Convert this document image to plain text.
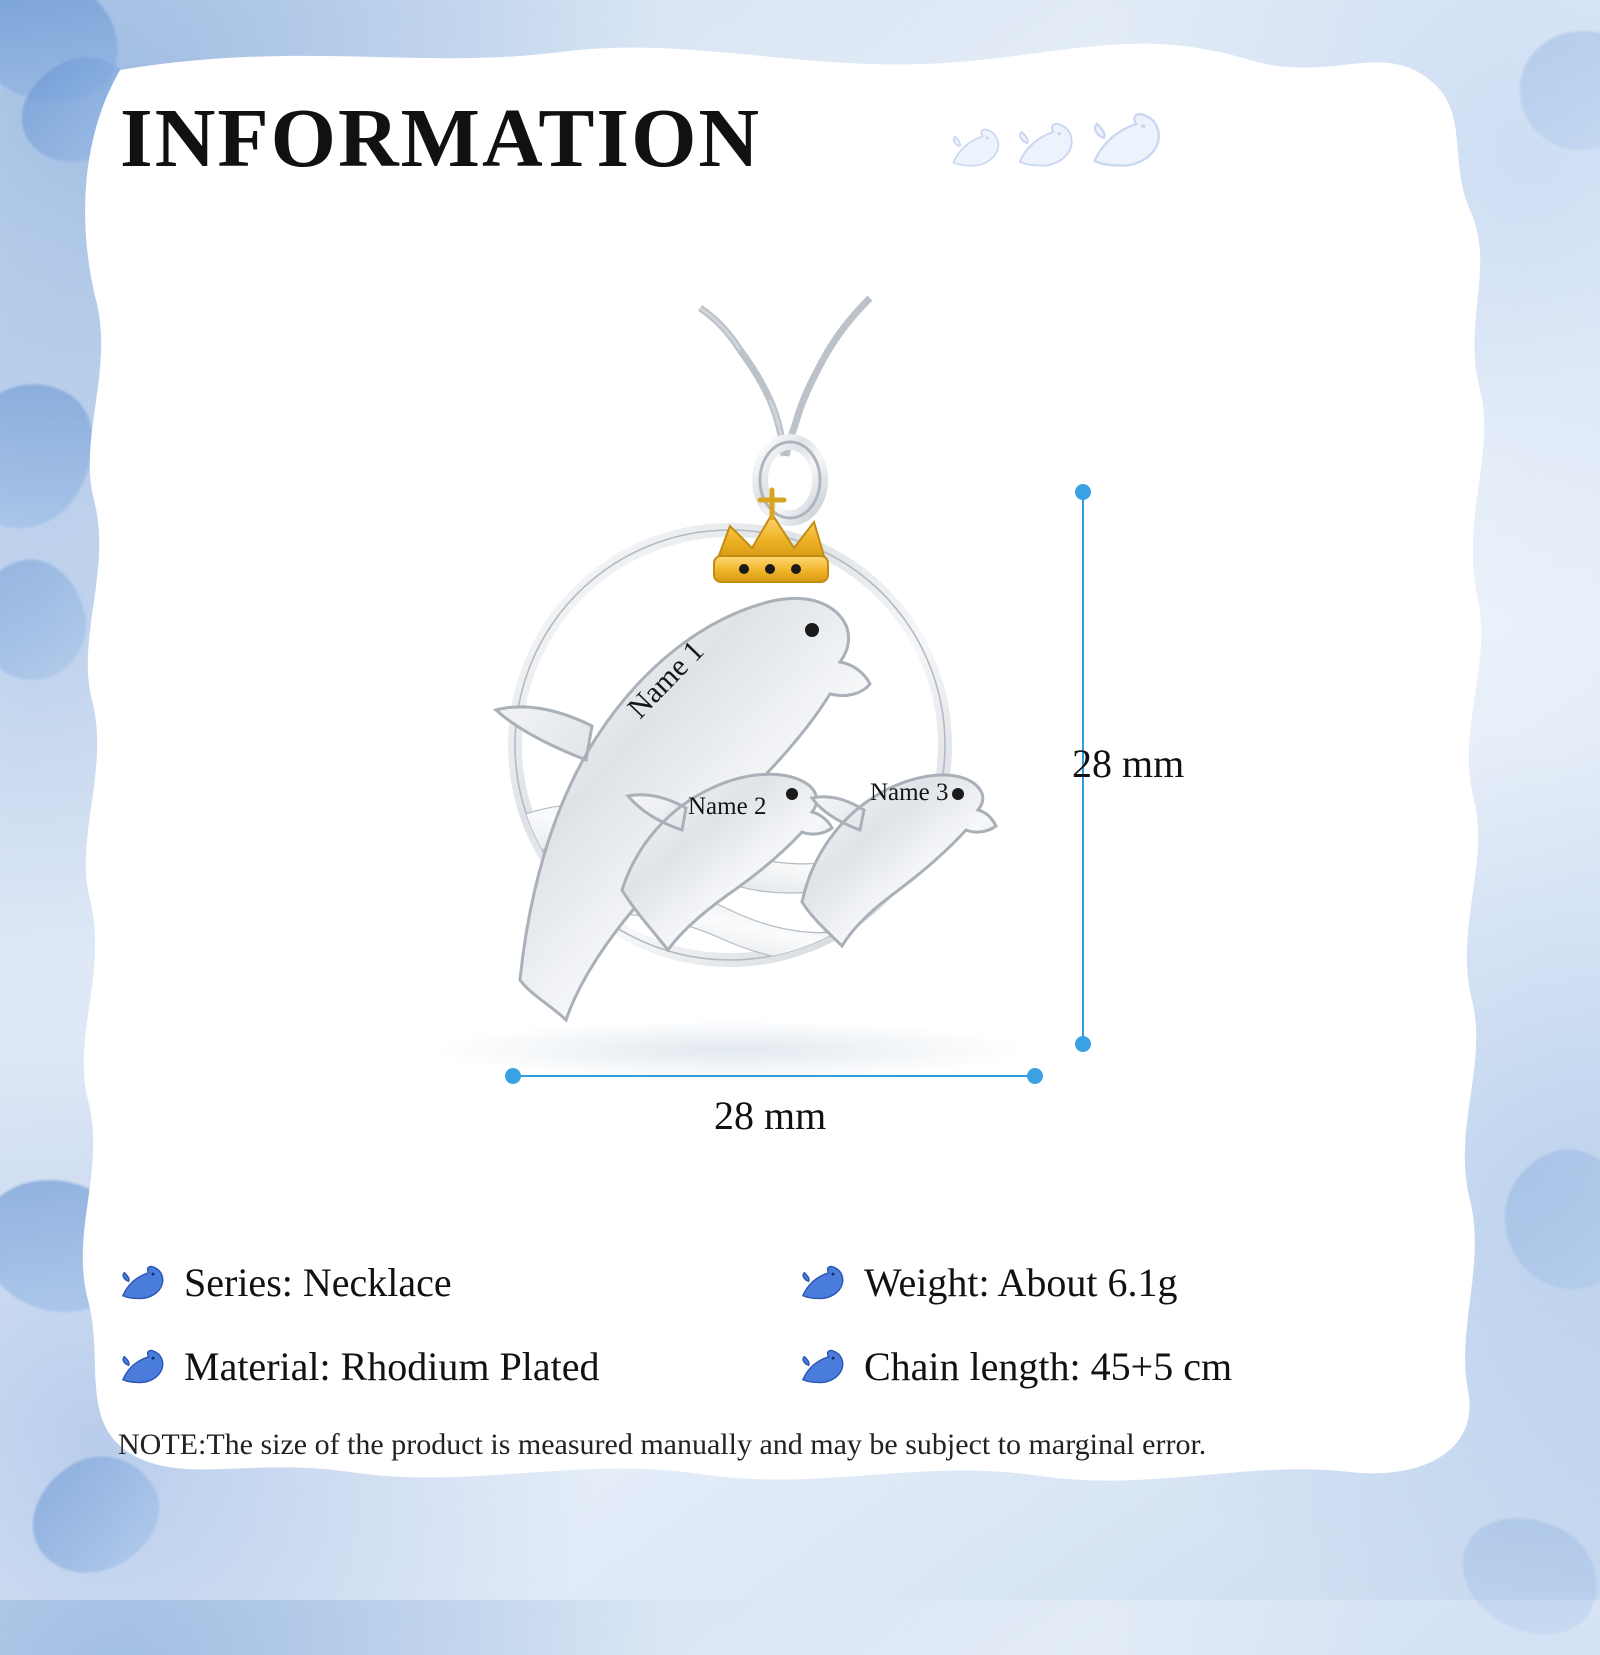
INFORMATION
Name 1
Name 2
Name 3
28 mm
28 mm
Series: Necklace	Weight: About 6.1g
Material: Rhodium Plated	Chain length: 45+5 cm
NOTE:The size of the product is measured manually and may be subject to marginal error.
